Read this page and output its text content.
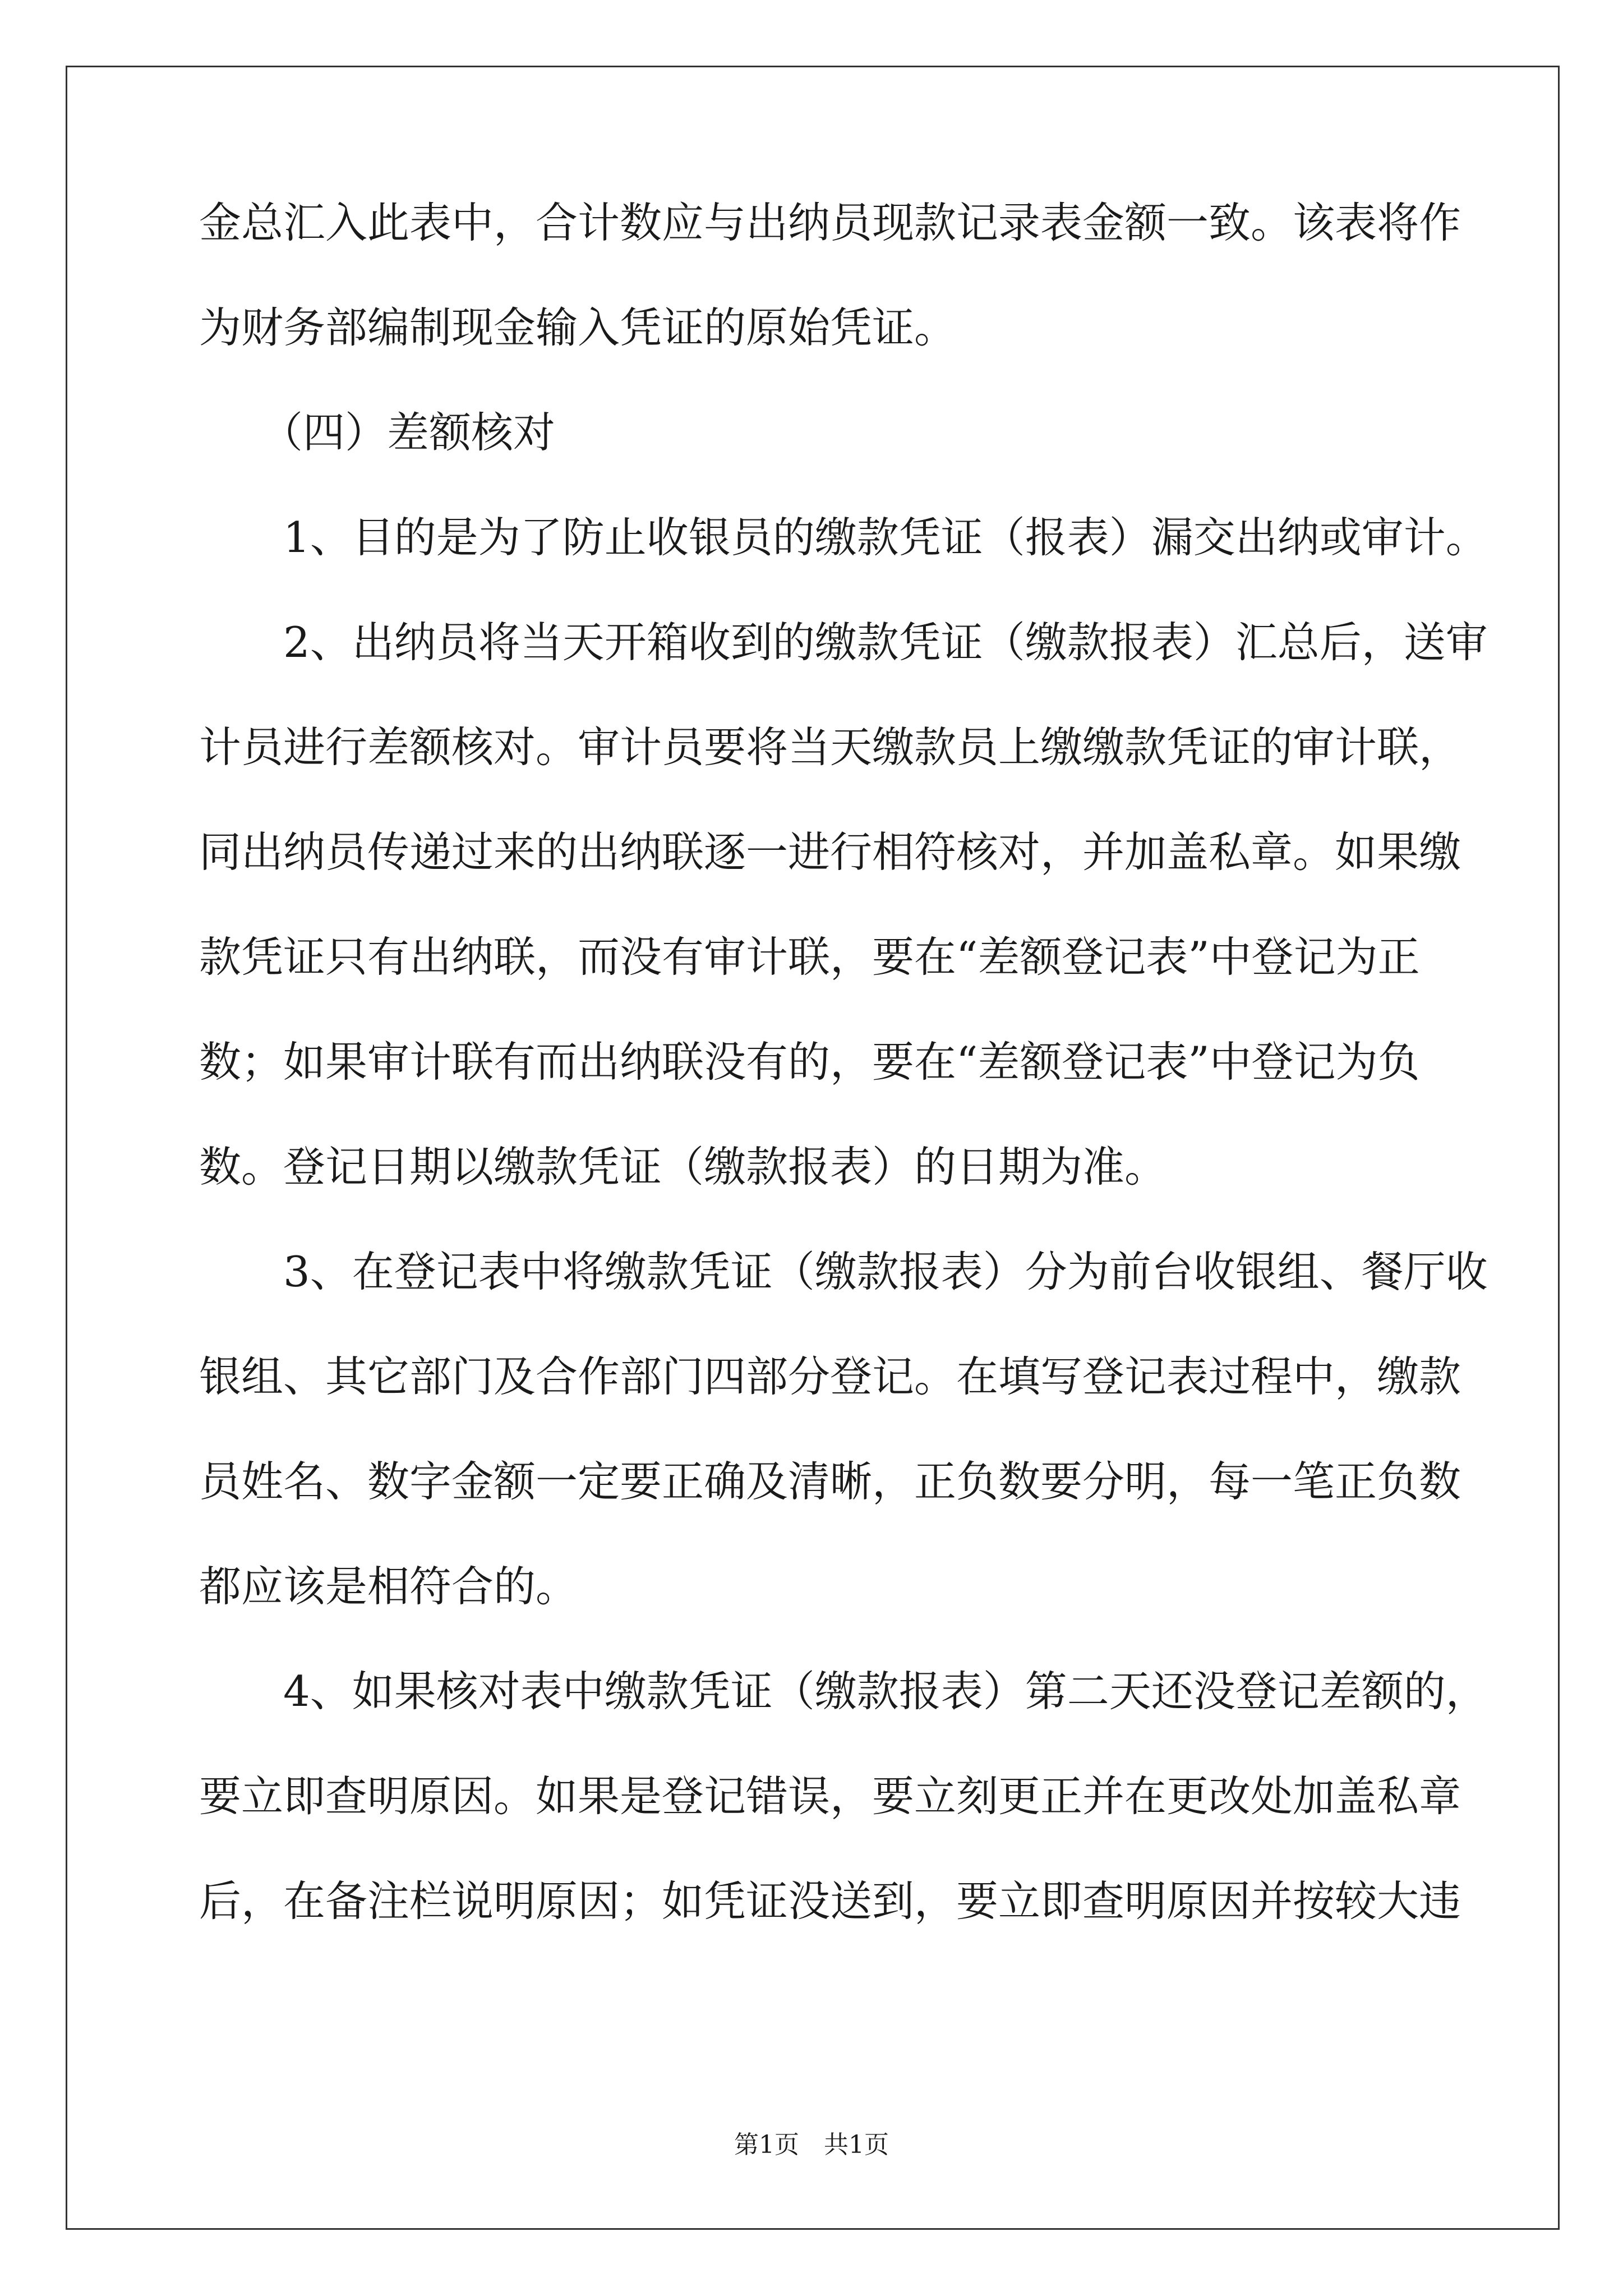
金总汇入此表中，合计数应与出纳员现款记录表金额一致。该表将作
为财务部编制现金输入凭证的原始凭证。
（四）差额核对
1、目的是为了防止收银员的缴款凭证（报表）漏交出纳或审计。
2、出纳员将当天开箱收到的缴款凭证（缴款报表）汇总后，送审
计员进行差额核对。审计员要将当天缴款员上缴缴款凭证的审计联，
同出纳员传递过来的出纳联逐一进行相符核对，并加盖私章。如果缴
款凭证只有出纳联，而没有审计联，要在“差额登记表”中登记为正
数；如果审计联有而出纳联没有的，要在“差额登记表”中登记为负
数。登记日期以缴款凭证（缴款报表）的日期为准。
3、在登记表中将缴款凭证（缴款报表）分为前台收银组、餐厅收
银组、其它部门及合作部门四部分登记。在填写登记表过程中，缴款
员姓名、数字金额一定要正确及清晰，正负数要分明，每一笔正负数
都应该是相符合的。
4、如果核对表中缴款凭证（缴款报表）第二天还没登记差额的，
要立即查明原因。如果是登记错误，要立刻更正并在更改处加盖私章
后，在备注栏说明原因；如凭证没送到，要立即查明原因并按较大违
第1页　共1页
